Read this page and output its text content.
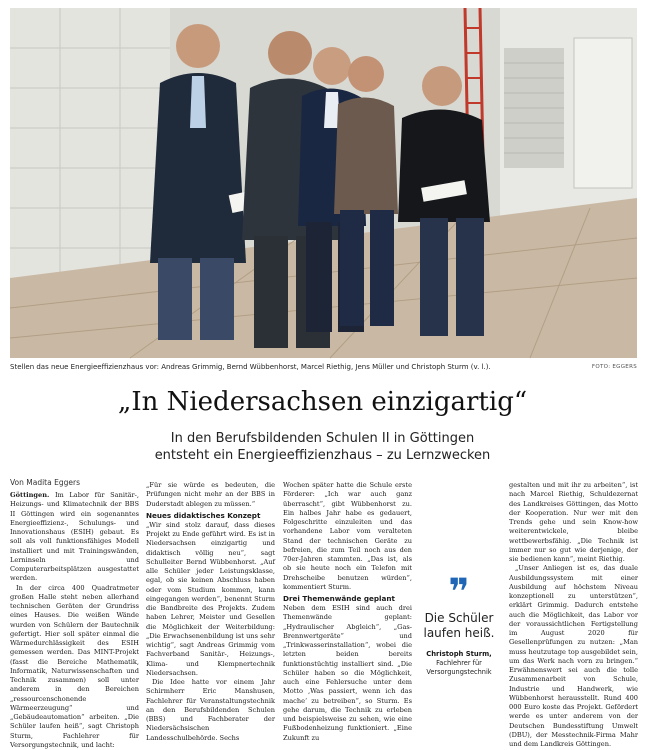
Stellen das neue Energieeffizienzhaus vor: Andreas Grimmig, Bernd Wübbenhorst, Marcel Riethig, Jens Müller und Christoph Sturm (v. l.).	FOTO: EGGERS
„In Niedersachsen einzigartig“
In den Berufsbildenden Schulen II in Göttingen
entsteht ein Energieeffizienzhaus – zu Lernzwecken
Von Madita Eggers

Göttingen. Im Labor für Sanitär-, Heizungs- und Klimatechnik der BBS II Göttingen wird ein sogenanntes Energieeffizienz-, Schulungs- und Innovationshaus (ESIH) gebaut. Es soll als voll funktionsfähiges Modell installiert und mit Trainingswänden, Lerninseln und Computerarbeitsplätzen ausgestattet werden.

In der circa 400 Quadratmeter großen Halle steht neben allerhand technischen Geräten der Grundriss eines Hauses. Die weißen Wände wurden von Schülern der Bautechnik gefertigt. Hier soll später einmal die Wärmedurchlässigkeit des ESIH gemessen werden. Das MINT-Projekt (fasst die Bereiche Mathematik, Informatik, Naturwissenschaften und Technik zusammen) soll unter anderem in den Bereichen „ressourcenschonende Wärmeerzeugung“ und „Gebäudeautomation“ arbeiten. „Die Schüler laufen heiß“, sagt Christoph Sturm, Fachlehrer für Versorgungstechnik, und lacht:

„Für sie würde es bedeuten, die Prüfungen nicht mehr an der BBS in Duderstadt ablegen zu müssen.“

Neues didaktisches Konzept

„Wir sind stolz darauf, dass dieses Projekt zu Ende geführt wird. Es ist in Niedersachsen einzigartig und didaktisch völlig neu“, sagt Schulleiter Bernd Wübbenhorst. „Auf alle Schüler jeder Leistungsklasse, egal, ob sie keinen Abschluss haben oder vom Studium kommen, kann eingegangen werden“, benennt Sturm die Bandbreite des Projekts. Zudem haben Lehrer, Meister und Gesellen die Möglichkeit der Weiterbildung: „Die Erwachsenenbildung ist uns sehr wichtig“, sagt Andreas Grimmig vom Fachverband Sanitär-, Heizungs-, Klima- und Klempnertechnik Niedersachsen.

Die Idee hatte vor einem Jahr Schirmherr Eric Manshusen, Fachlehrer für Veranstaltungstechnik an den Berufsbildenden Schulen (BBS) und Fachberater der Niedersächsischen Landesschulbehörde. Sechs

Wochen später hatte die Schule erste Förderer: „Ich war auch ganz überrascht“, gibt Wübbenhorst zu. Ein halbes Jahr habe es gedauert, Folgeschritte einzuleiten und das vorhandene Labor vom veralteten Stand der technischen Geräte zu befreien, die zum Teil noch aus den 70er-Jahren stammten. „Das ist, als ob sie heute noch ein Telefon mit Drehscheibe benutzen würden“, kommentiert Sturm.

Drei Themenwände geplant

Neben dem ESIH sind auch drei Themenwände geplant: „Hydraulischer Abgleich“, „Gas-Brennwertgeräte“ und „Trinkwasserinstallation“, wobei die letzten beiden bereits funktionstüchtig installiert sind. „Die Schüler haben so die Möglichkeit, auch eine Fehlersuche unter dem Motto ‚Was passiert, wenn ich das mache‘ zu betreiben“, so Sturm. Es gehe darum, die Technik zu erleben und beispielsweise zu sehen, wie eine Fußbodenheizung funktioniert. „Eine Zukunft zu

❞
Die Schüler
laufen heiß.
Christoph Sturm,
Fachlehrer für
Versorgungstechnik

gestalten und mit ihr zu arbeiten“, ist nach Marcel Riethig, Schuldezernat des Landkreises Göttingen, das Motto der Kooperation. Nur wer mit den Trends gehe und sein Know-how weiterentwickele, bleibe wettbewerbsfähig. „Die Technik ist immer nur so gut wie derjenige, der sie bedienen kann“, meint Riethig.

„Unser Anliegen ist es, das duale Ausbildungssystem mit einer Ausbildung auf höchstem Niveau konzeptionell zu unterstützen“, erklärt Grimmig. Dadurch entstehe auch die Möglichkeit, das Labor vor der voraussichtlichen Fertigstellung im August 2020 für Gesellenprüfungen zu nutzen: „Man muss heutzutage top ausgebildet sein, um das Werk nach vorn zu bringen.“ Erwähnenswert sei auch die tolle Zusammenarbeit von Schule, Industrie und Handwerk, wie Wübbenhorst herausstellt. Rund 400 000 Euro koste das Projekt. Gefördert werde es unter anderem von der Deutschen Bundesstiftung Umwelt (DBU), der Messtechnik-Firma Mahr und dem Landkreis Göttingen.
